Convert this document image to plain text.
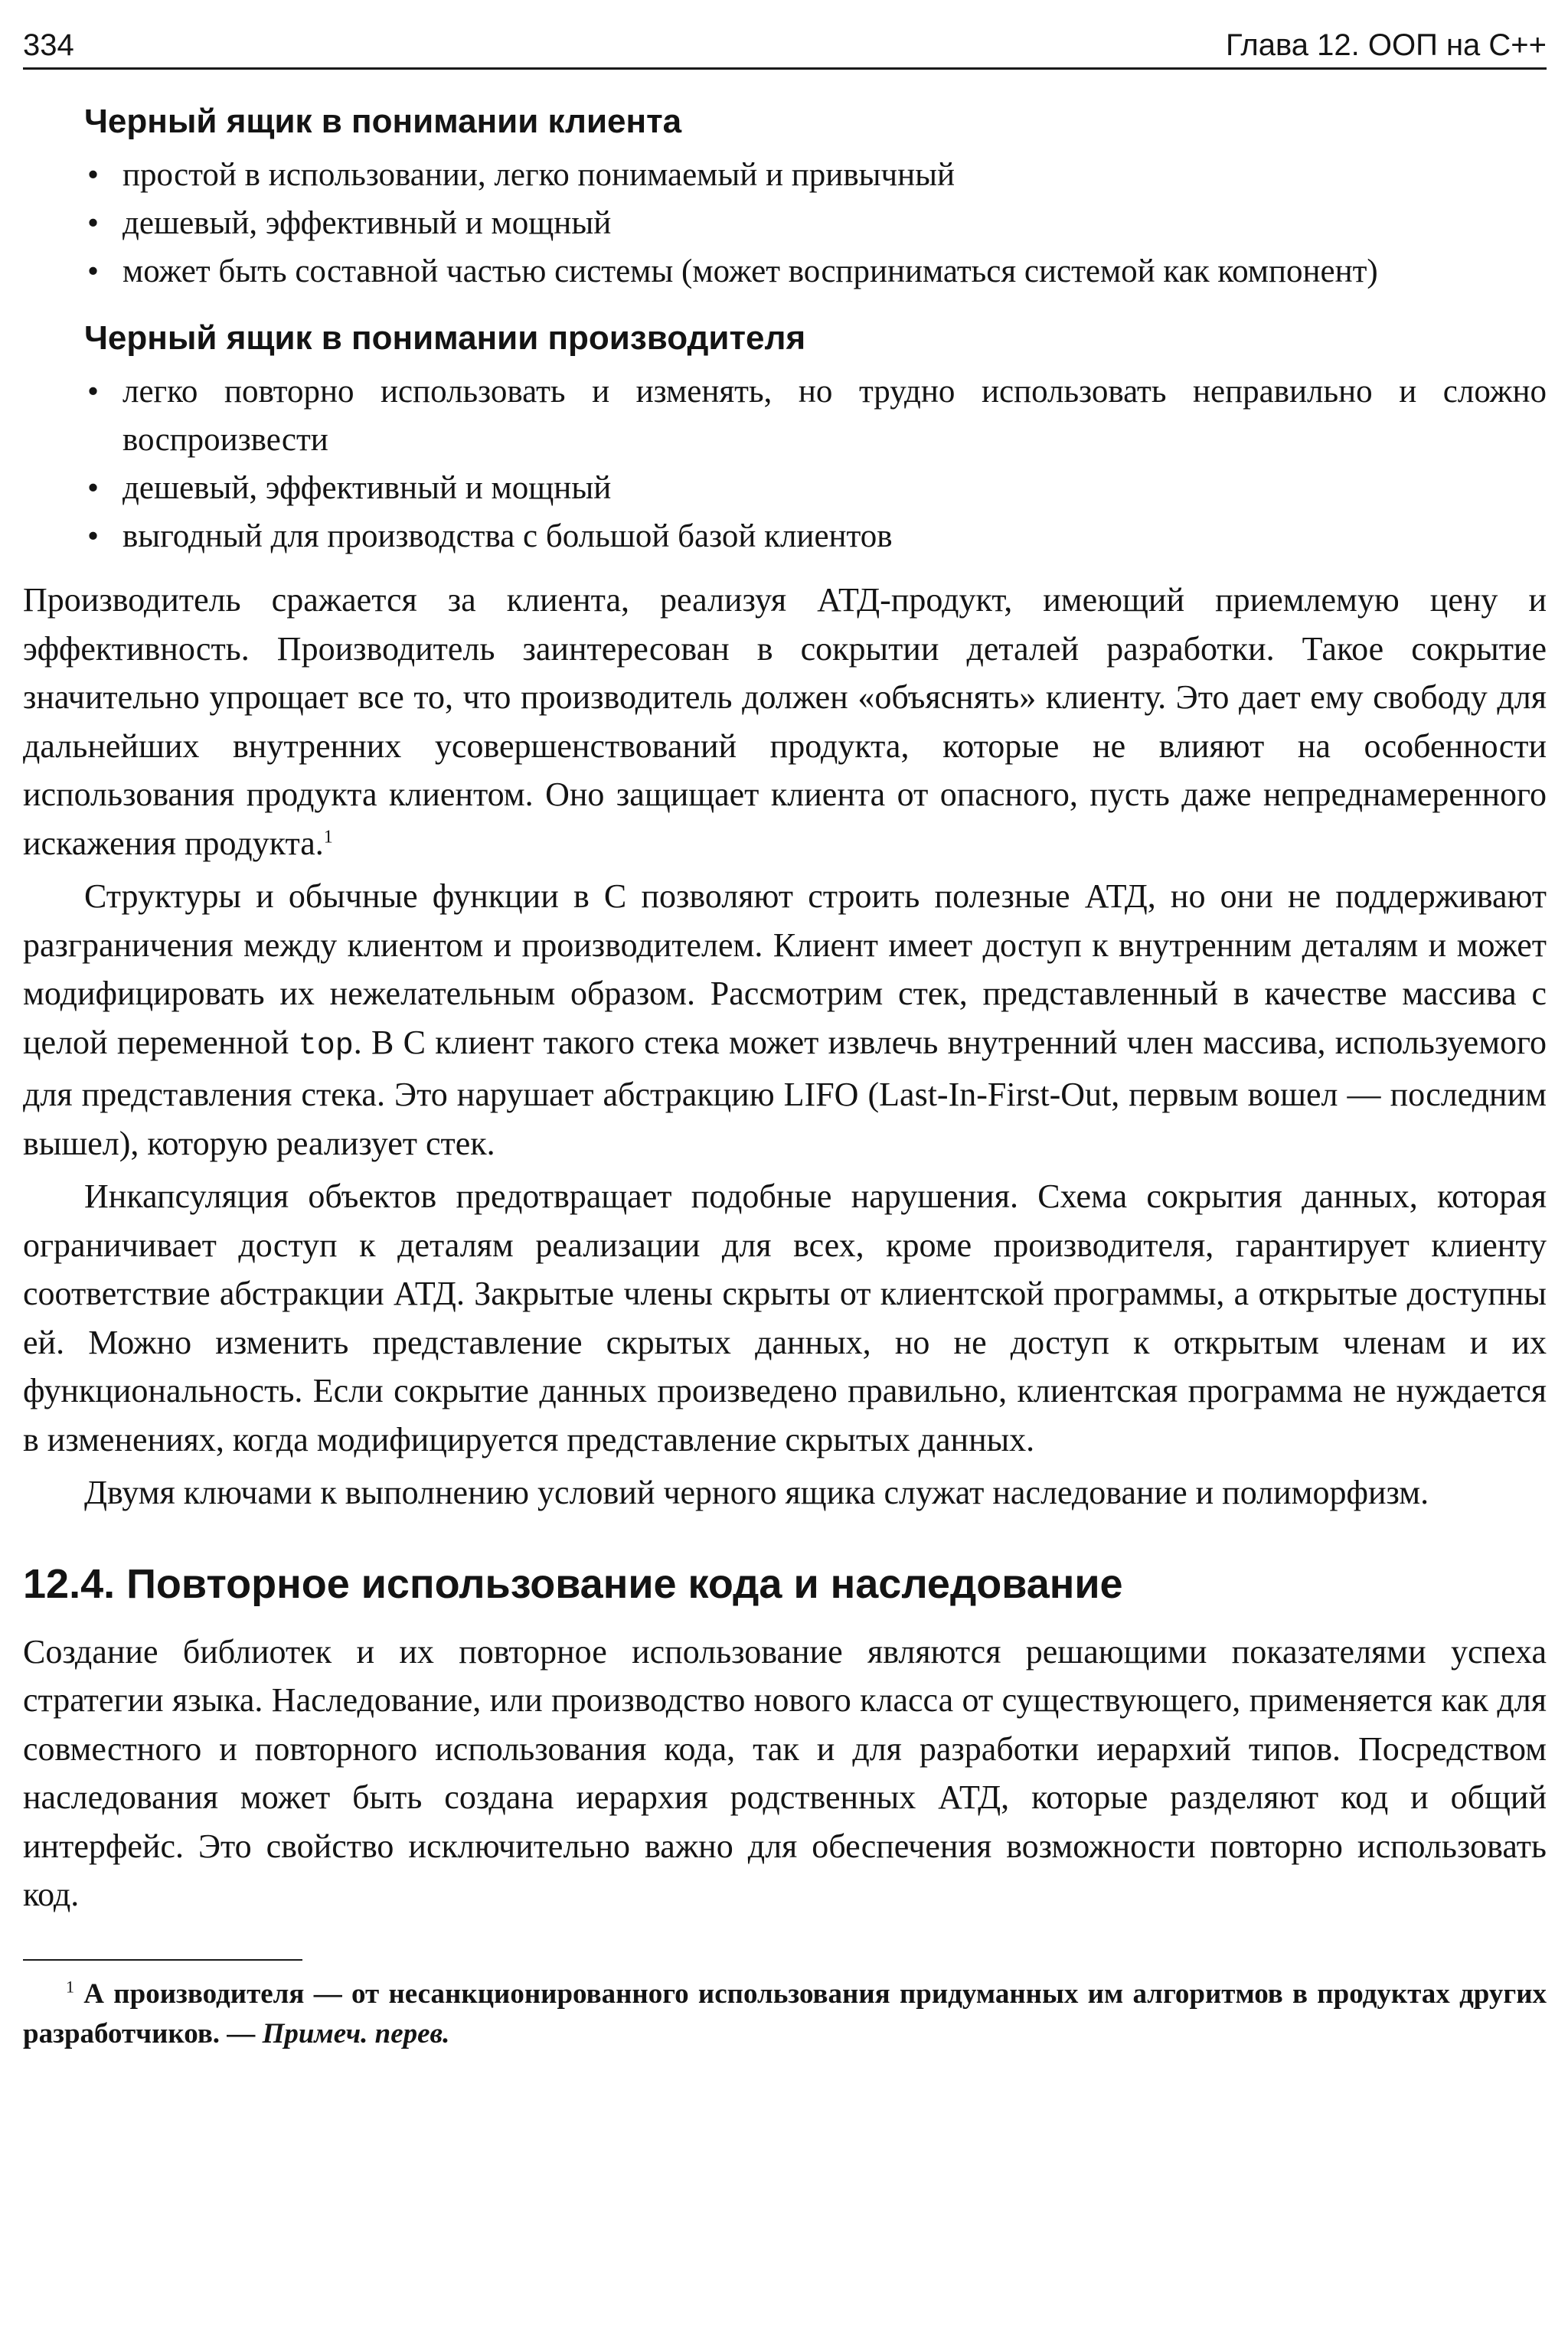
334	Глава 12. ООП на C++
Черный ящик в понимании клиента
• простой в использовании, легко понимаемый и привычный
• дешевый, эффективный и мощный
• может быть составной частью системы (может восприниматься системой как компонент)
Черный ящик в понимании производителя
• легко повторно использовать и изменять, но трудно использовать неправильно и сложно воспроизвести
• дешевый, эффективный и мощный
• выгодный для производства с большой базой клиентов

Производитель сражается за клиента, реализуя АТД-продукт, имеющий приемлемую цену и эффективность. Производитель заинтересован в сокрытии деталей разработки. Такое сокрытие значительно упрощает все то, что производитель должен «объяснять» клиенту. Это дает ему свободу для дальнейших внутренних усовершенствований продукта, которые не влияют на особенности использования продукта клиентом. Оно защищает клиента от опасного, пусть даже непреднамеренного искажения продукта.$^1$

Структуры и обычные функции в C позволяют строить полезные АТД, но они не поддерживают разграничения между клиентом и производителем. Клиент имеет доступ к внутренним деталям и может модифицировать их нежелательным образом. Рассмотрим стек, представленный в качестве массива с целой переменной top. В C клиент такого стека может извлечь внутренний член массива, используемого для представления стека. Это нарушает абстракцию LIFO (Last-In-First-Out, первым вошел — последним вышел), которую реализует стек.

Инкапсуляция объектов предотвращает подобные нарушения. Схема сокрытия данных, которая ограничивает доступ к деталям реализации для всех, кроме производителя, гарантирует клиенту соответствие абстракции АТД. Закрытые члены скрыты от клиентской программы, а открытые доступны ей. Можно изменить представление скрытых данных, но не доступ к открытым членам и их функциональность. Если сокрытие данных произведено правильно, клиентская программа не нуждается в изменениях, когда модифицируется представление скрытых данных.

Двумя ключами к выполнению условий черного ящика служат наследование и полиморфизм.

12.4. Повторное использование кода и наследование

Создание библиотек и их повторное использование являются решающими показателями успеха стратегии языка. Наследование, или производство нового класса от существующего, применяется как для совместного и повторного использования кода, так и для разработки иерархий типов. Посредством наследования может быть создана иерархия родственных АТД, которые разделяют код и общий интерфейс. Это свойство исключительно важно для обеспечения возможности повторно использовать код.

$^1$ А производителя — от несанкционированного использования придуманных им алгоритмов в продуктах других разработчиков. — Примеч. перев.
